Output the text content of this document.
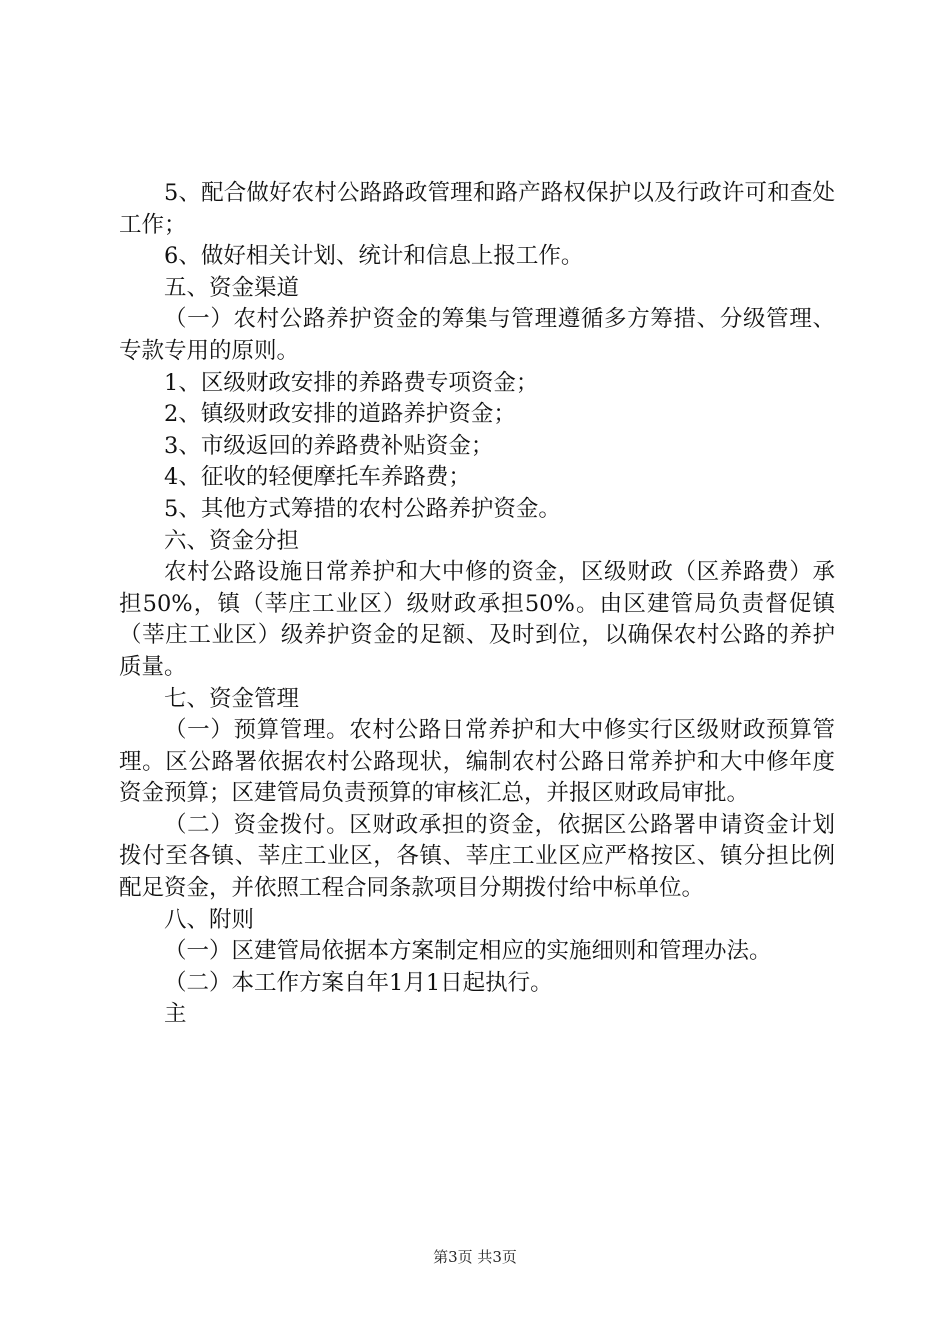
5、配合做好农村公路路政管理和路产路权保护以及行政许可和查处工作；
6、做好相关计划、统计和信息上报工作。
五、资金渠道
（一）农村公路养护资金的筹集与管理遵循多方筹措、分级管理、专款专用的原则。
1、区级财政安排的养路费专项资金；
2、镇级财政安排的道路养护资金；
3、市级返回的养路费补贴资金；
4、征收的轻便摩托车养路费；
5、其他方式筹措的农村公路养护资金。
六、资金分担
农村公路设施日常养护和大中修的资金，区级财政（区养路费）承担50%，镇（莘庄工业区）级财政承担50%。由区建管局负责督促镇（莘庄工业区）级养护资金的足额、及时到位，以确保农村公路的养护质量。
七、资金管理
（一）预算管理。农村公路日常养护和大中修实行区级财政预算管理。区公路署依据农村公路现状，编制农村公路日常养护和大中修年度资金预算；区建管局负责预算的审核汇总，并报区财政局审批。
（二）资金拨付。区财政承担的资金，依据区公路署申请资金计划拨付至各镇、莘庄工业区，各镇、莘庄工业区应严格按区、镇分担比例配足资金，并依照工程合同条款项目分期拨付给中标单位。
八、附则
（一）区建管局依据本方案制定相应的实施细则和管理办法。
（二）本工作方案自年1月1日起执行。
主
第3页 共3页
